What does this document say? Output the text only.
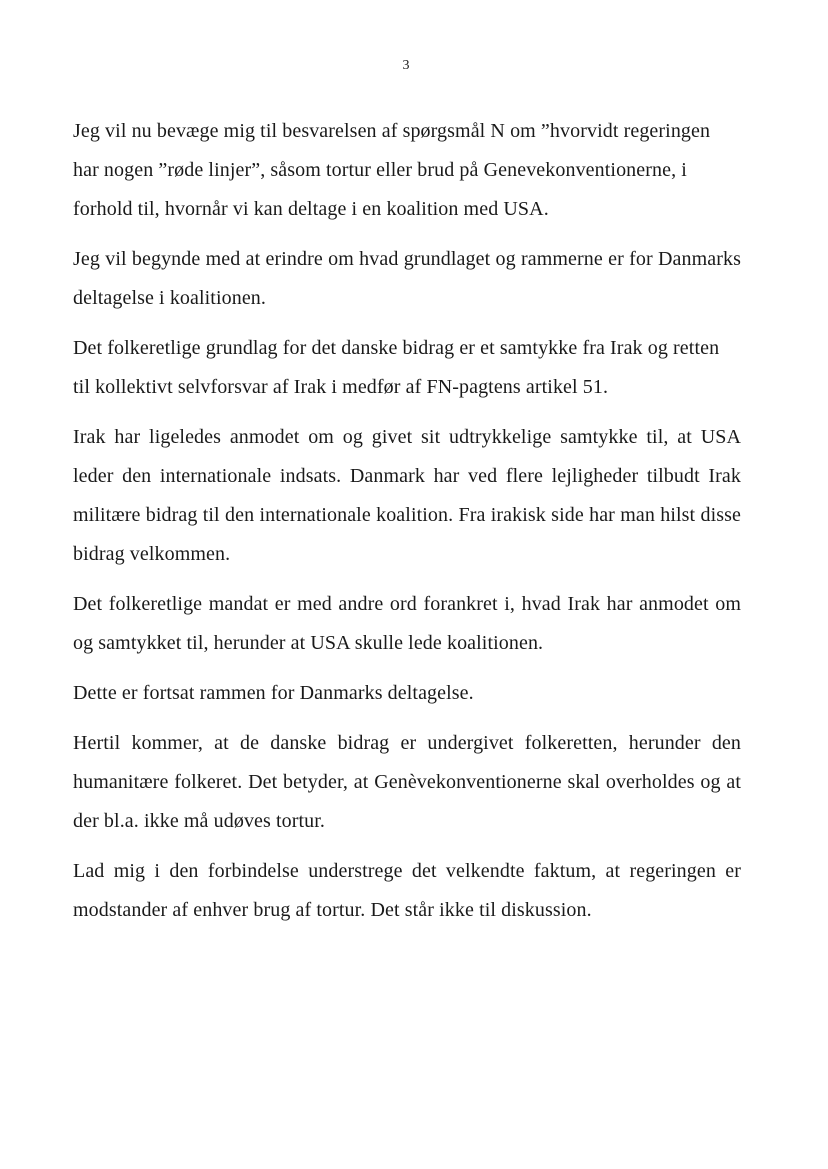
3

Jeg vil nu bevæge mig til besvarelsen af spørgsmål N om ”hvorvidt regeringen har nogen ”røde linjer”, såsom tortur eller brud på Genevekonventionerne, i forhold til, hvornår vi kan deltage i en koalition med USA.

Jeg vil begynde med at erindre om hvad grundlaget og rammerne er for Danmarks deltagelse i koalitionen.

Det folkeretlige grundlag for det danske bidrag er et samtykke fra Irak og retten til kollektivt selvforsvar af Irak i medfør af FN-pagtens artikel 51.

Irak har ligeledes anmodet om og givet sit udtrykkelige samtykke til, at USA leder den internationale indsats. Danmark har ved flere lejligheder tilbudt Irak militære bidrag til den internationale koalition. Fra irakisk side har man hilst disse bidrag velkommen.

Det folkeretlige mandat er med andre ord forankret i, hvad Irak har anmodet om og samtykket til, herunder at USA skulle lede koalitionen.

Dette er fortsat rammen for Danmarks deltagelse.

Hertil kommer, at de danske bidrag er undergivet folkeretten, herunder den humanitære folkeret. Det betyder, at Genèvekonventionerne skal overholdes og at der bl.a. ikke må udøves tortur.

Lad mig i den forbindelse understrege det velkendte faktum, at regeringen er modstander af enhver brug af tortur. Det står ikke til diskussion.
